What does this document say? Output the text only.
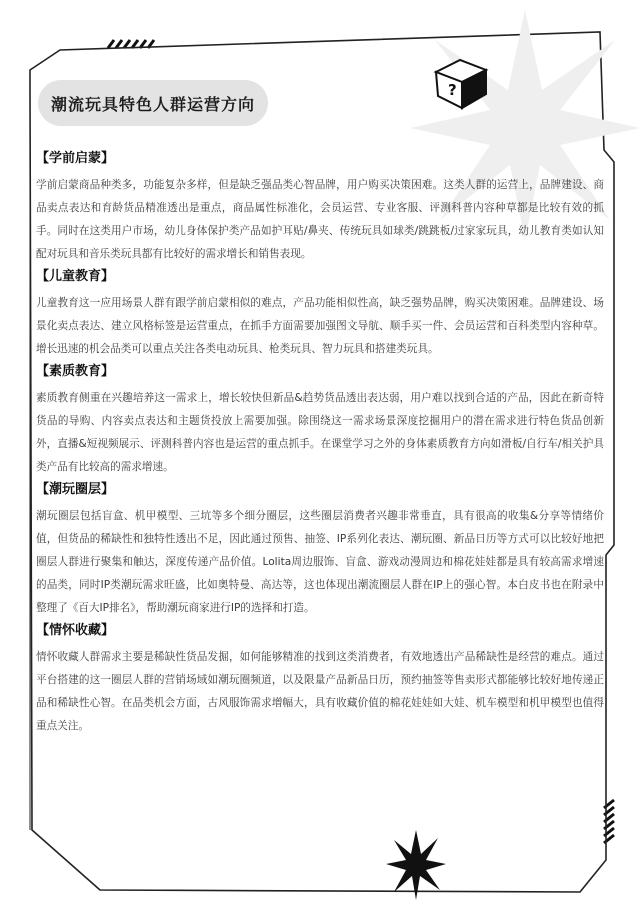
?
潮流玩具特色人群运营方向
【学前启蒙】

学前启蒙商品种类多，功能复杂多样，但是缺乏强品类心智品牌，用户购买决策困难。这类人群的运营上，品牌建设、商品卖点表达和育龄货品精准透出是重点，商品属性标准化，会员运营、专业客服、评测科普内容种草都是比较有效的抓手。同时在这类用户市场，幼儿身体保护类产品如护耳贴/鼻夹、传统玩具如球类/跳跳板/过家家玩具，幼儿教育类如认知配对玩具和音乐类玩具都有比较好的需求增长和销售表现。

【儿童教育】

儿童教育这一应用场景人群有跟学前启蒙相似的难点，产品功能相似性高，缺乏强势品牌，购买决策困难。品牌建设、场景化卖点表达、建立风格标签是运营重点，在抓手方面需要加强图文导航、顺手买一件、会员运营和百科类型内容种草。增长迅速的机会品类可以重点关注各类电动玩具、枪类玩具、智力玩具和搭建类玩具。

【素质教育】

素质教育侧重在兴趣培养这一需求上，增长较快但新品&趋势货品透出表达弱，用户难以找到合适的产品，因此在新奇特货品的导购、内容卖点表达和主题货投放上需要加强。除围绕这一需求场景深度挖掘用户的潜在需求进行特色货品创新外，直播&短视频展示、评测科普内容也是运营的重点抓手。在课堂学习之外的身体素质教育方向如滑板/自行车/相关护具类产品有比较高的需求增速。

【潮玩圈层】

潮玩圈层包括盲盒、机甲模型、三坑等多个细分圈层，这些圈层消费者兴趣非常垂直，具有很高的收集&分享等情绪价值，但货品的稀缺性和独特性透出不足，因此通过预售、抽签、IP系列化表达、潮玩圈、新品日历等方式可以比较好地把圈层人群进行聚集和触达，深度传递产品价值。Lolita周边服饰、盲盒、游戏动漫周边和棉花娃娃都是具有较高需求增速的品类，同时IP类潮玩需求旺盛，比如奥特曼、高达等，这也体现出潮流圈层人群在IP上的强心智。本白皮书也在附录中整理了《百大IP排名》，帮助潮玩商家进行IP的选择和打造。

【情怀收藏】

情怀收藏人群需求主要是稀缺性货品发掘，如何能够精准的找到这类消费者，有效地透出产品稀缺性是经营的难点。通过平台搭建的这一圈层人群的营销场域如潮玩圈频道，以及限量产品新品日历，预约抽签等售卖形式都能够比较好地传递正品和稀缺性心智。在品类机会方面，古风服饰需求增幅大，具有收藏价值的棉花娃娃如大娃、机车模型和机甲模型也值得重点关注。
